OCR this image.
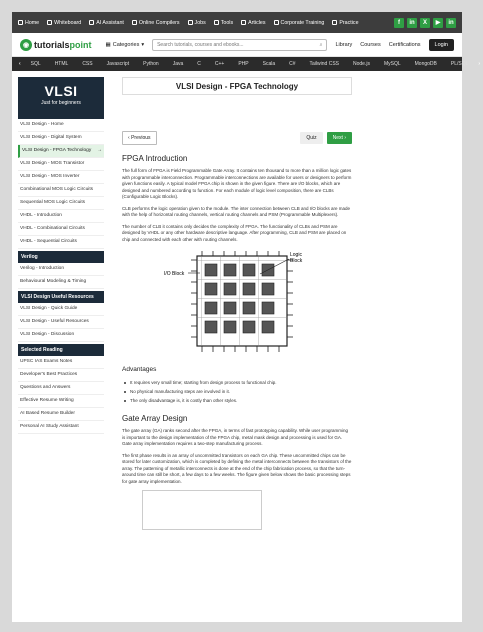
Home	Whiteboard	AI Assistant	Online Compilers	Jobs	Tools	Articles	Corporate Training	Practice	f	in	X	▶	in
◉ tutorialspoint	▦ Categories ▾	Search tutorials, courses and ebooks...	⌕ Library Courses Certifications	Login
‹	SQL	HTML	CSS	Javascript	Python	Java	C	C++	PHP	Scala	C#	Tailwind CSS	Node.js	MySQL	MongoDB	PL/SQL	›
VLSI
Just for beginners
VLSI Design - Home
VLSI Design - Digital System
VLSI Design - FPGA Technology →
VLSI Design - MOS Transistor
VLSI Design - MOS Inverter
Combinational MOS Logic Circuits
Sequential MOS Logic Circuits
VHDL - Introduction
VHDL - Combinational Circuits
VHDL - Sequential Circuits
Verilog
Verilog - Introduction
Behavioural Modeling & Timing
VLSI Design Useful Resources
VLSI Design - Quick Guide
VLSI Design - Useful Resources
VLSI Design - Discussion
Selected Reading
UPSC IAS Exams Notes
Developer's Best Practices
Questions and Answers
Effective Resume Writing
AI Based Resume Builder
Personal AI Study Assistant
VLSI Design - FPGA Technology
‹ Previous	Quiz	Next ›
FPGA Introduction

The full form of FPGA is Field Programmable Gate Array. It contains ten thousand to more than a million logic gates with programmable interconnection. Programmable interconnections are available for users or designers to perform given functions easily. A typical model FPGA chip is shown in the given figure. There are I/O blocks, which are designed and numbered according to function. For each module of logic level composition, there are CLBs (Configurable Logic Blocks).

CLB performs the logic operation given to the module. The inter connection between CLB and I/O blocks are made with the help of horizontal routing channels, vertical routing channels and PSM (Programmable Multiplexers).

The number of CLB it contains only decides the complexity of FPGA. The functionality of CLBs and PSM are designed by VHDL or any other hardware descriptive language. After programming, CLB and PSM are placed on chip and connected with each other with routing channels.

Logic
Block
I/O Block
Advantages
It requires very small time; starting from design process to functional chip.
No physical manufacturing steps are involved in it.
The only disadvantage is, it is costly than other styles.
Gate Array Design

The gate array (GA) ranks second after the FPGA, in terms of fast prototyping capability. While user programming is important to the design implementation of the FPGA chip, metal mask design and processing is used for GA. Gate array implementation requires a two-step manufacturing process.

The first phase results in an array of uncommitted transistors on each GA chip. These uncommitted chips can be stored for later customization, which is completed by defining the metal interconnects between the transistors of the array. The patterning of metallic interconnects is done at the end of the chip fabrication process, so that the turn-around time can still be short, a few days to a few weeks. The figure given below shows the basic processing steps for gate array implementation.
